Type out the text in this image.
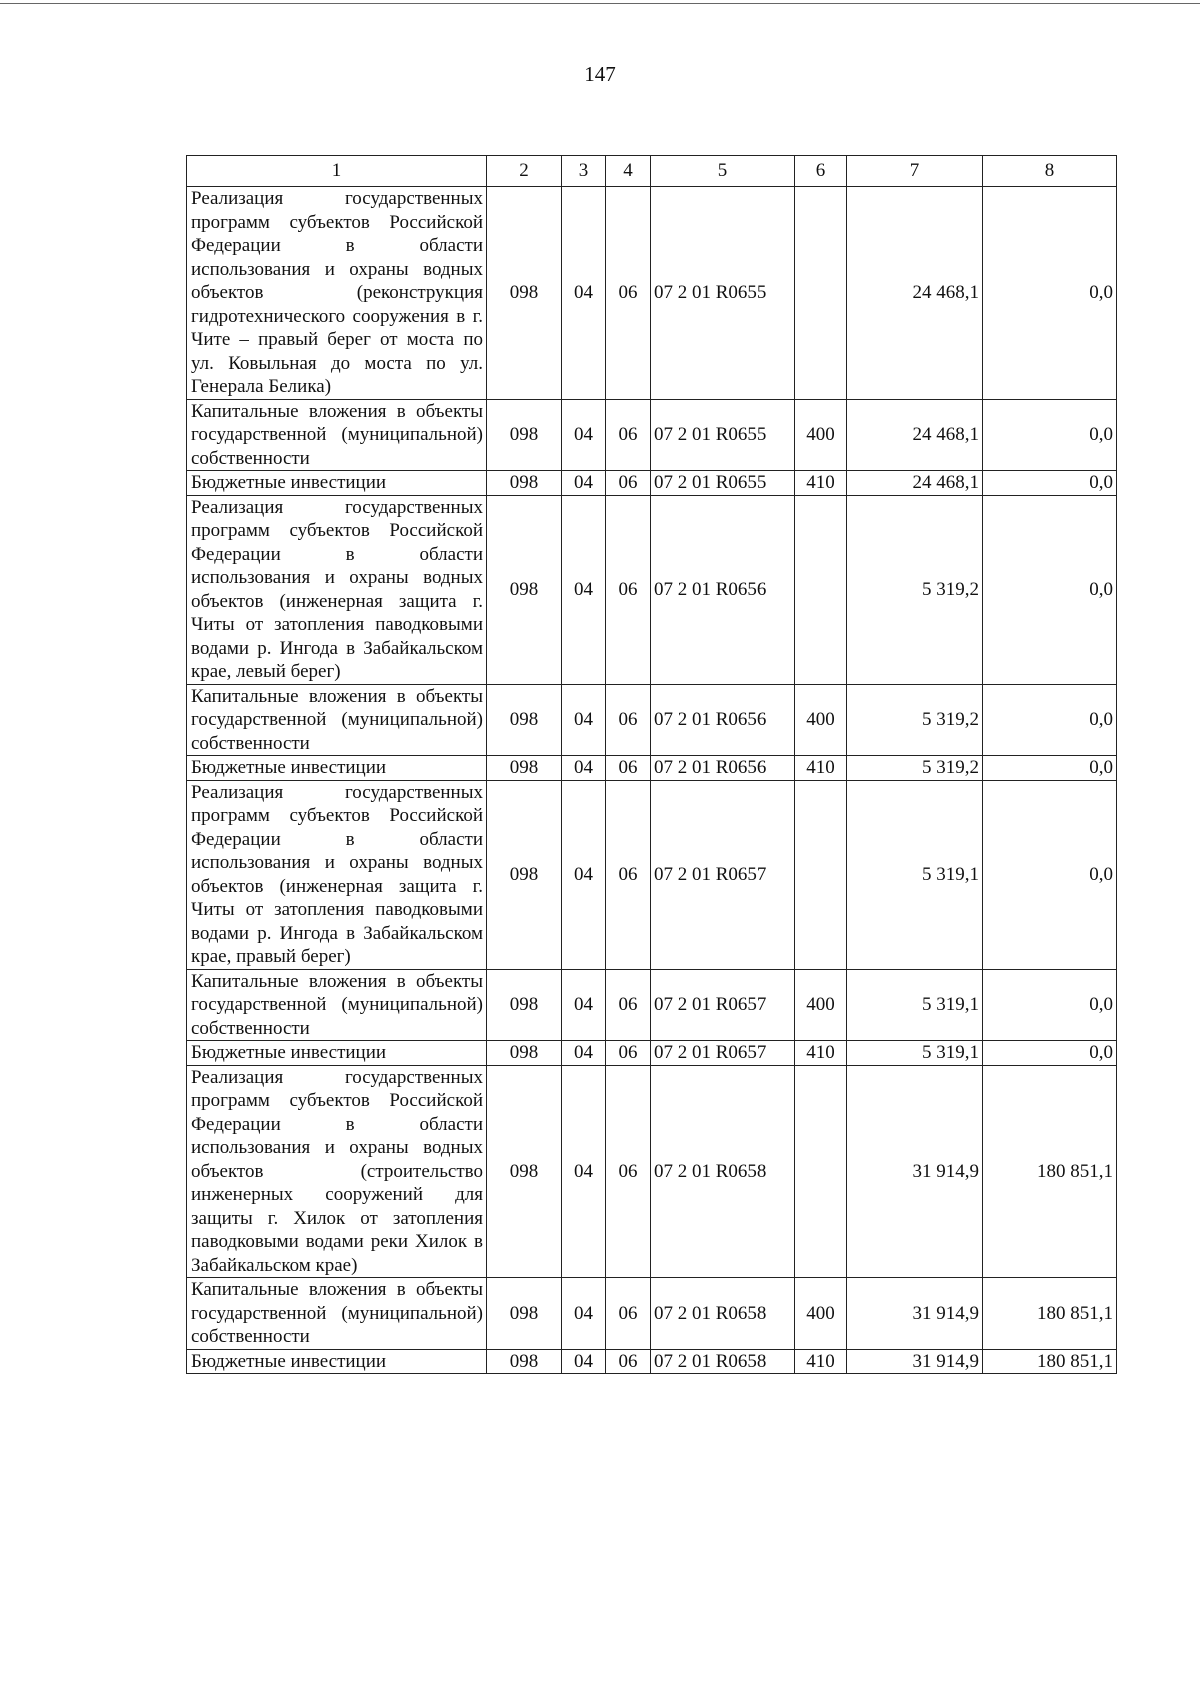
147
1	2	3	4	5	6	7	8
Реализация государственных программ субъектов Российской Федерации в области использования и охраны водных объектов (реконструкция гидротехнического сооружения в г. Чите – правый берег от моста по ул. Ковыльная до моста по ул. Генерала Белика)	098	04	06	07 2 01 R0655		24 468,1	0,0
Капитальные вложения в объекты государственной (муниципальной) собственности	098	04	06	07 2 01 R0655	400	24 468,1	0,0
Бюджетные инвестиции	098	04	06	07 2 01 R0655	410	24 468,1	0,0
Реализация государственных программ субъектов Российской Федерации в области использования и охраны водных объектов (инженерная защита г. Читы от затопления паводковыми водами р. Ингода в Забайкальском крае, левый берег)	098	04	06	07 2 01 R0656		5 319,2	0,0
Капитальные вложения в объекты государственной (муниципальной) собственности	098	04	06	07 2 01 R0656	400	5 319,2	0,0
Бюджетные инвестиции	098	04	06	07 2 01 R0656	410	5 319,2	0,0
Реализация государственных программ субъектов Российской Федерации в области использования и охраны водных объектов (инженерная защита г. Читы от затопления паводковыми водами р. Ингода в Забайкальском крае, правый берег)	098	04	06	07 2 01 R0657		5 319,1	0,0
Капитальные вложения в объекты государственной (муниципальной) собственности	098	04	06	07 2 01 R0657	400	5 319,1	0,0
Бюджетные инвестиции	098	04	06	07 2 01 R0657	410	5 319,1	0,0
Реализация государственных программ субъектов Российской Федерации в области использования и охраны водных объектов (строительство инженерных сооружений для защиты г. Хилок от затопления паводковыми водами реки Хилок в Забайкальском крае)	098	04	06	07 2 01 R0658		31 914,9	180 851,1
Капитальные вложения в объекты государственной (муниципальной) собственности	098	04	06	07 2 01 R0658	400	31 914,9	180 851,1
Бюджетные инвестиции	098	04	06	07 2 01 R0658	410	31 914,9	180 851,1
